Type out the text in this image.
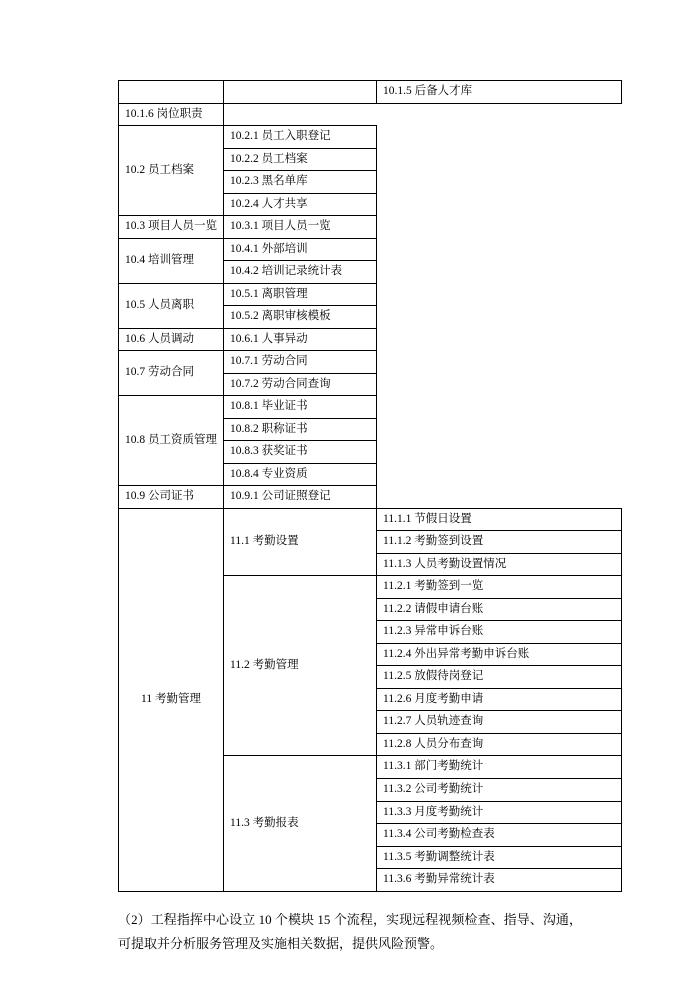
		10.1.5 后备人才库
10.1.6 岗位职责		
10.2 员工档案	10.2.1 员工入职登记	
	10.2.2 员工档案	
	10.2.3 黑名单库	
	10.2.4 人才共享	
10.3 项目人员一览	10.3.1 项目人员一览	
10.4 培训管理	10.4.1 外部培训	
	10.4.2 培训记录统计表	
10.5 人员离职	10.5.1 离职管理	
	10.5.2 离职审核模板	
10.6 人员调动	10.6.1 人事异动	
10.7 劳动合同	10.7.1 劳动合同	
	10.7.2 劳动合同查询	
10.8 员工资质管理	10.8.1 毕业证书	
	10.8.2 职称证书	
	10.8.3 获奖证书	
	10.8.4 专业资质	
10.9 公司证书	10.9.1 公司证照登记	
11 考勤管理	11.1 考勤设置	11.1.1 节假日设置
		11.1.2 考勤签到设置
		11.1.3 人员考勤设置情况
	11.2 考勤管理	11.2.1 考勤签到一览
		11.2.2 请假申请台账
		11.2.3 异常申诉台账
		11.2.4 外出异常考勤申诉台账
		11.2.5 放假待岗登记
		11.2.6 月度考勤申请
		11.2.7 人员轨迹查询
		11.2.8 人员分布查询
	11.3 考勤报表	11.3.1 部门考勤统计
		11.3.2 公司考勤统计
		11.3.3 月度考勤统计
		11.3.4 公司考勤检查表
		11.3.5 考勤调整统计表
		11.3.6 考勤异常统计表

（2）工程指挥中心设立 10 个模块 15 个流程，实现远程视频检查、指导、沟通，可提取并分析服务管理及实施相关数据，提供风险预警。
